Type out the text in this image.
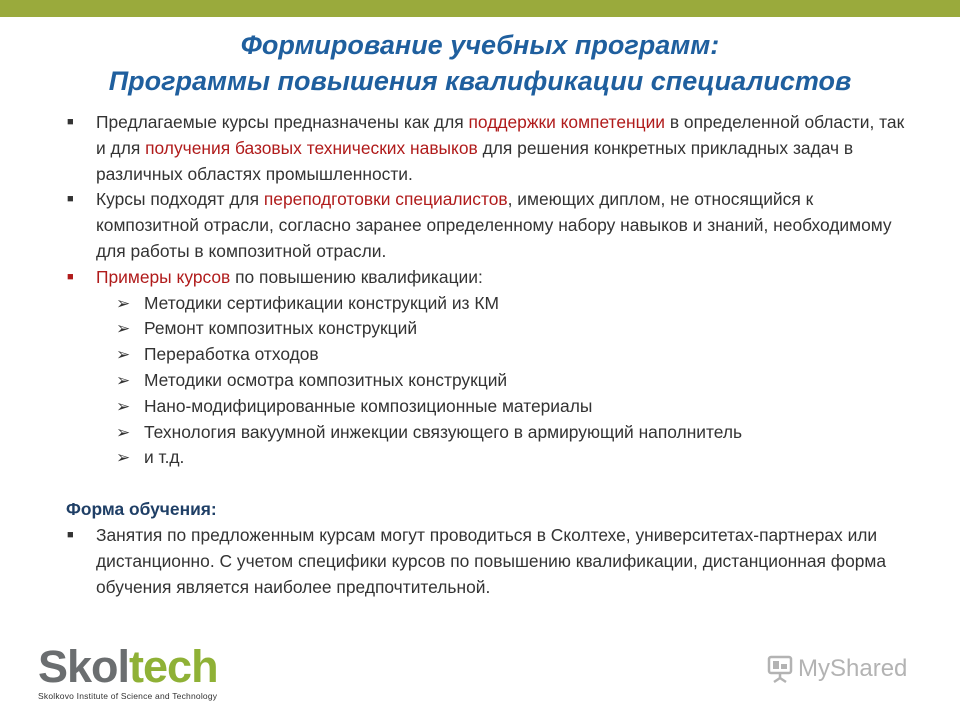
Формирование учебных программ:
Программы повышения квалификации специалистов
■ Предлагаемые курсы предназначены как для поддержки компетенции в определенной области, так и для получения базовых технических навыков для решения конкретных прикладных задач в различных областях промышленности.
■ Курсы подходят для переподготовки специалистов, имеющих диплом, не относящийся к композитной отрасли, согласно заранее определенному набору навыков и знаний, необходимому для работы в композитной отрасли.
■ Примеры курсов по повышению квалификации:
➢ Методики сертификации конструкций из КМ
➢ Ремонт композитных конструкций
➢ Переработка отходов
➢ Методики осмотра композитных конструкций
➢ Нано-модифицированные композиционные материалы
➢ Технология вакуумной инжекции связующего в армирующий наполнитель
➢ и т.д.
Форма обучения:
■ Занятия по предложенным курсам могут проводиться в Сколтехе, университетах-партнерах или дистанционно. С учетом специфики курсов по повышению квалификации, дистанционная форма обучения является наиболее предпочтительной.
Skoltech
Skolkovo Institute of Science and Technology
MyShared
